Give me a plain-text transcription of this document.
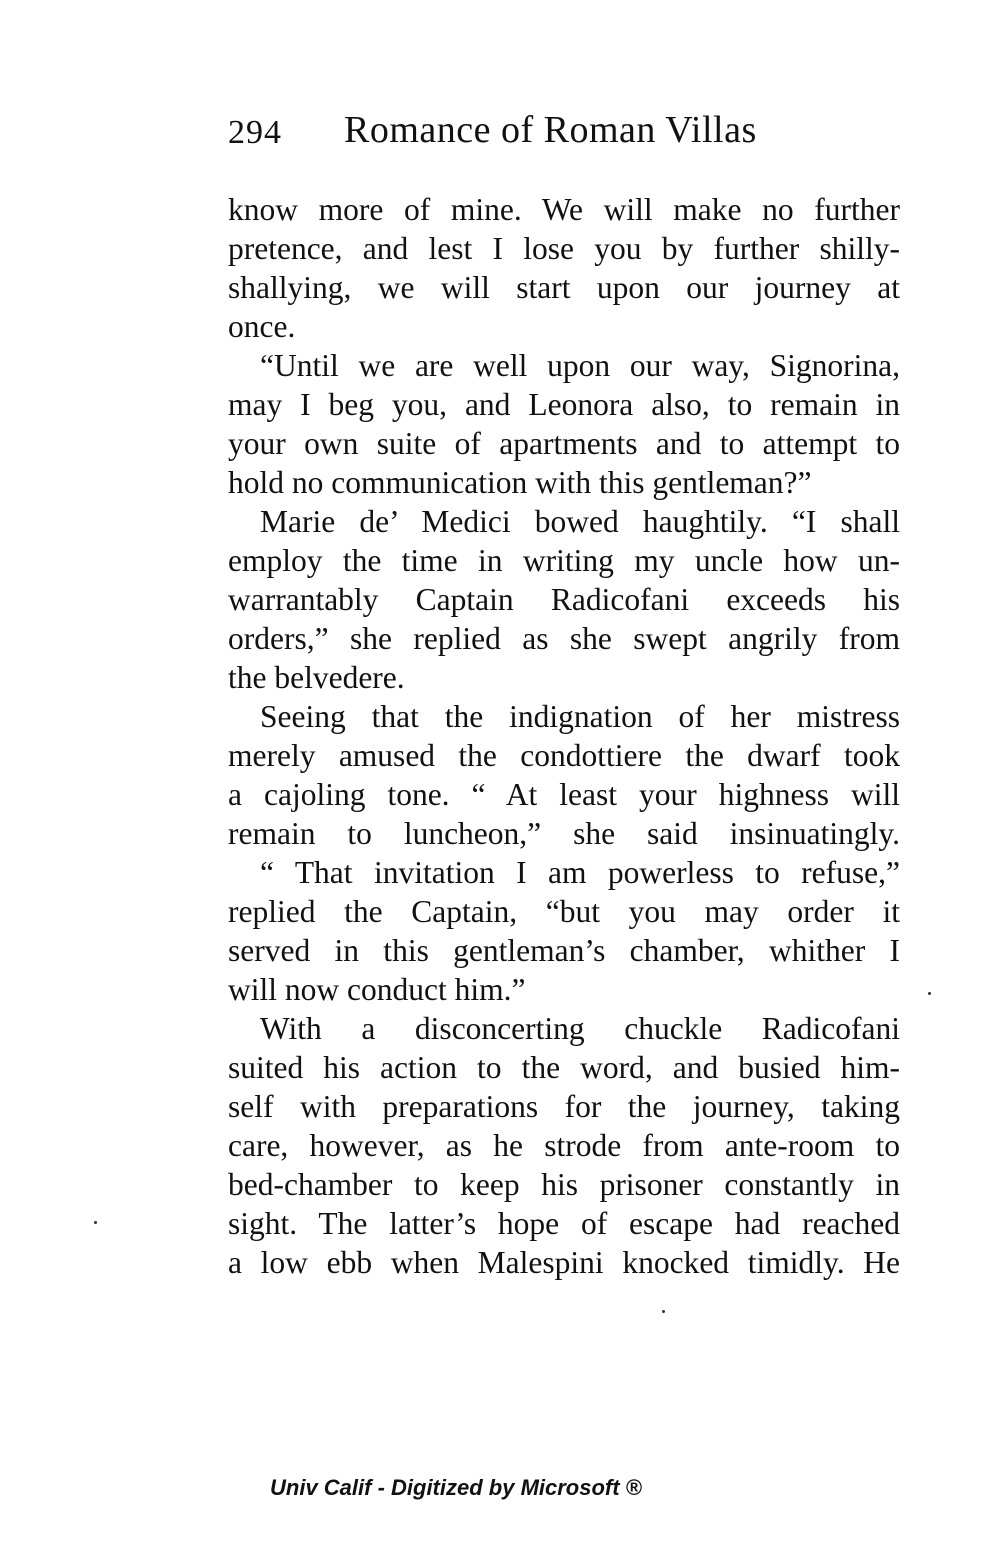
294 Romance of Roman Villas
know more of mine. We will make no further
pretence, and lest I lose you by further shilly-
shallying, we will start upon our journey at
once.
“Until we are well upon our way, Signorina,
may I beg you, and Leonora also, to remain in
your own suite of apartments and to attempt to
hold no communication with this gentleman?”
Marie de’ Medici bowed haughtily. “I shall
employ the time in writing my uncle how un-
warrantably Captain Radicofani exceeds his
orders,” she replied as she swept angrily from
the belvedere.
Seeing that the indignation of her mistress
merely amused the condottiere the dwarf took
a cajoling tone. “ At least your highness will
remain to luncheon,” she said insinuatingly.
“ That invitation I am powerless to refuse,”
replied the Captain, “but you may order it
served in this gentleman’s chamber, whither I
will now conduct him.”
With a disconcerting chuckle Radicofani
suited his action to the word, and busied him-
self with preparations for the journey, taking
care, however, as he strode from ante-room to
bed-chamber to keep his prisoner constantly in
sight. The latter’s hope of escape had reached
a low ebb when Malespini knocked timidly. He
Univ Calif - Digitized by Microsoft ®
